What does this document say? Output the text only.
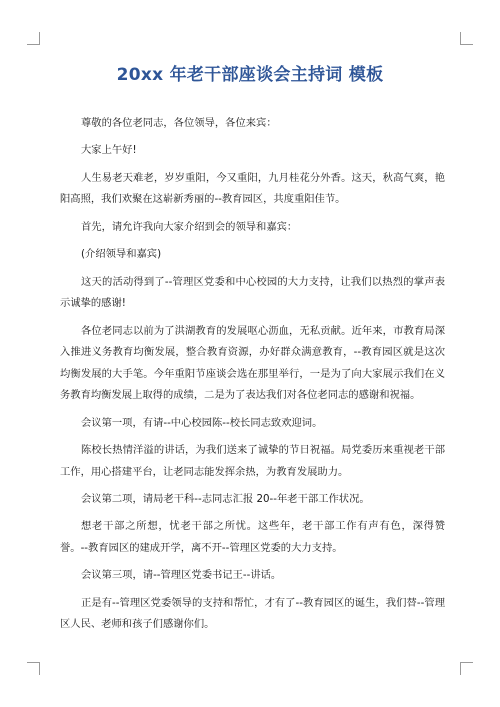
20xx 年老干部座谈会主持词 模板

尊敬的各位老同志，各位领导，各位来宾：

大家上午好!

人生易老天难老，岁岁重阳，今又重阳，九月桂花分外香。这天，秋高气爽，艳阳高照，我们欢聚在这崭新秀丽的--教育园区，共度重阳佳节。

首先，请允许我向大家介绍到会的领导和嘉宾：

(介绍领导和嘉宾)

这天的活动得到了--管理区党委和中心校园的大力支持，让我们以热烈的掌声表示诚挚的感谢!

各位老同志以前为了洪湖教育的发展呕心沥血，无私贡献。近年来，市教育局深入推进义务教育均衡发展，整合教育资源，办好群众满意教育，--教育园区就是这次均衡发展的大手笔。今年重阳节座谈会选在那里举行，一是为了向大家展示我们在义务教育均衡发展上取得的成绩，二是为了表达我们对各位老同志的感谢和祝福。

会议第一项，有请--中心校园陈--校长同志致欢迎词。

陈校长热情洋溢的讲话，为我们送来了诚挚的节日祝福。局党委历来重视老干部工作，用心搭建平台，让老同志能发挥余热，为教育发展助力。

会议第二项，请局老干科--志同志汇报 20--年老干部工作状况。

想老干部之所想，忧老干部之所忧。这些年，老干部工作有声有色，深得赞誉。--教育园区的建成开学，离不开--管理区党委的大力支持。

会议第三项，请--管理区党委书记王--讲话。

正是有--管理区党委领导的支持和帮忙，才有了--教育园区的诞生，我们替--管理区人民、老师和孩子们感谢你们。
